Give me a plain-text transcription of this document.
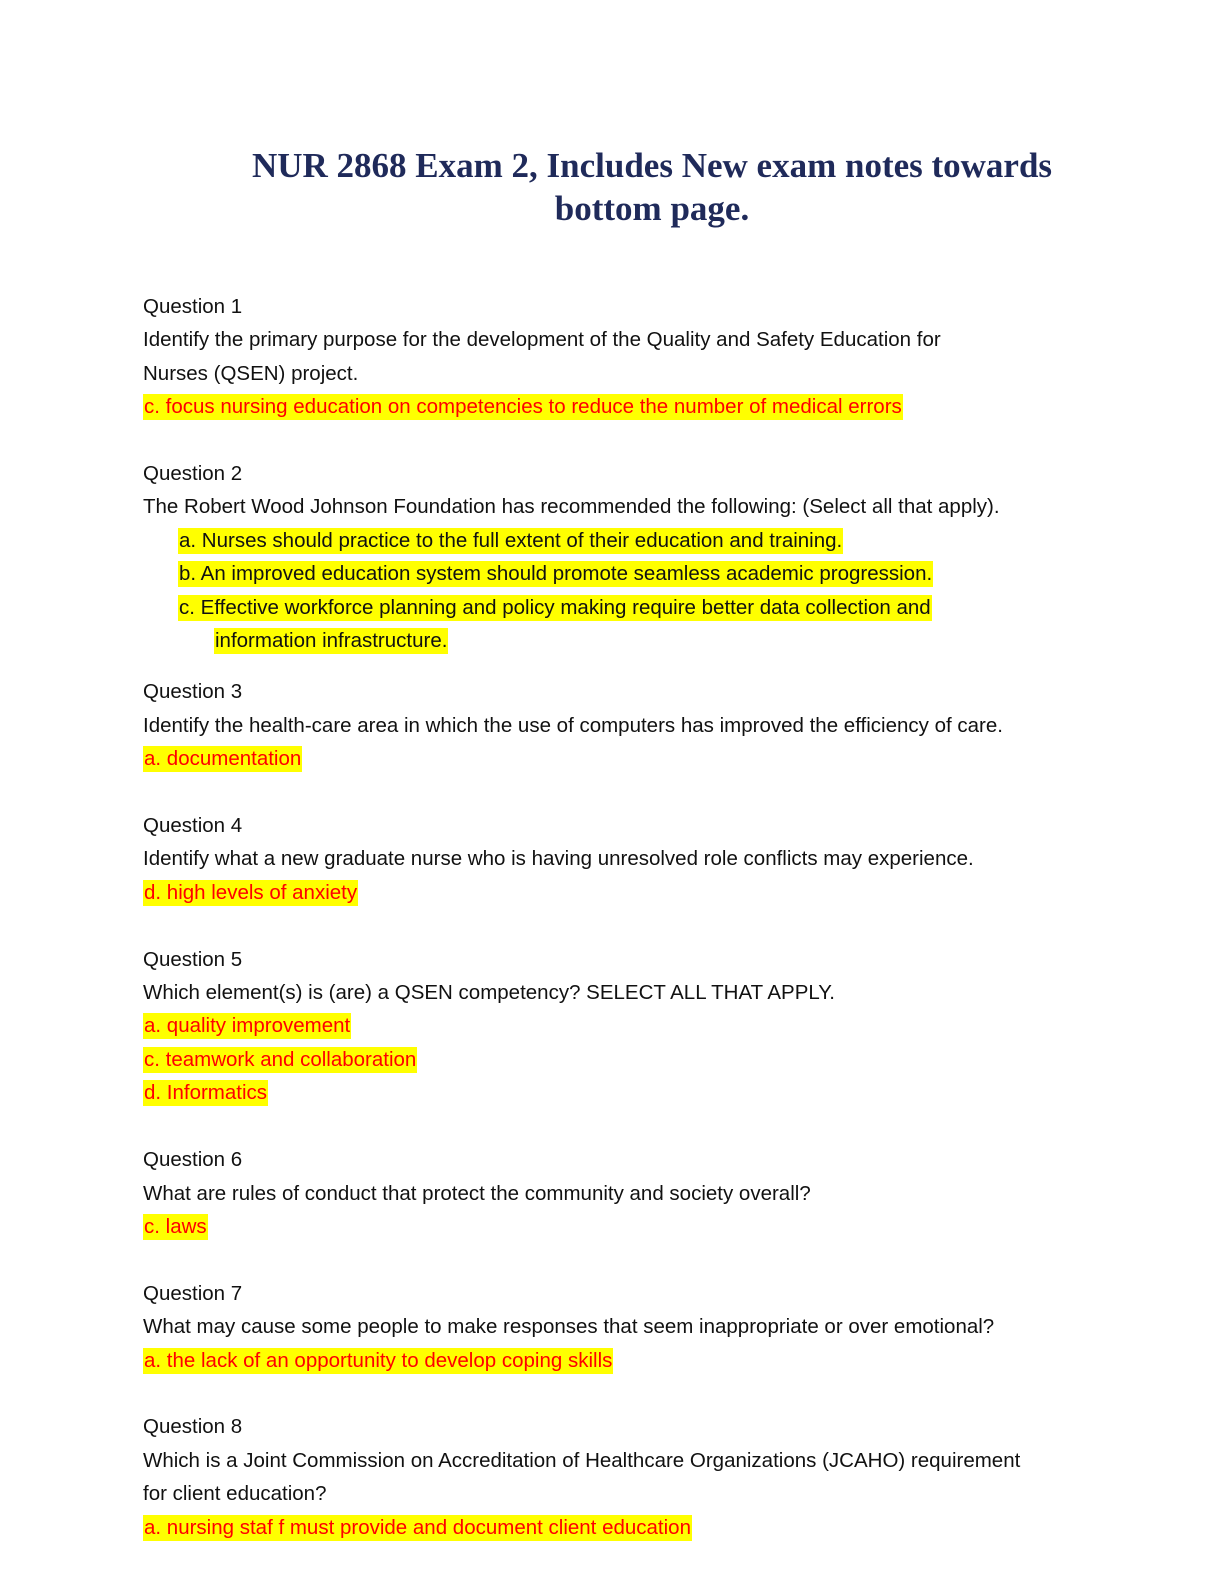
NUR 2868 Exam 2, Includes New exam notes towards
bottom page.
Question 1
Identify the primary purpose for the development of the Quality and Safety Education for
Nurses (QSEN) project.
c. focus nursing education on competencies to reduce the number of medical errors
Question 2
The Robert Wood Johnson Foundation has recommended the following: (Select all that apply).
a. Nurses should practice to the full extent of their education and training.
b. An improved education system should promote seamless academic progression.
c. Effective workforce planning and policy making require better data collection and
information infrastructure.
Question 3
Identify the health-care area in which the use of computers has improved the efficiency of care.
a. documentation
Question 4
Identify what a new graduate nurse who is having unresolved role conflicts may experience.
d. high levels of anxiety
Question 5
Which element(s) is (are) a QSEN competency? SELECT ALL THAT APPLY.
a. quality improvement
c. teamwork and collaboration
d. Informatics
Question 6
What are rules of conduct that protect the community and society overall?
c. laws
Question 7
What may cause some people to make responses that seem inappropriate or over emotional?
a. the lack of an opportunity to develop coping skills
Question 8
Which is a Joint Commission on Accreditation of Healthcare Organizations (JCAHO) requirement
for client education?
a. nursing staf f must provide and document client education
